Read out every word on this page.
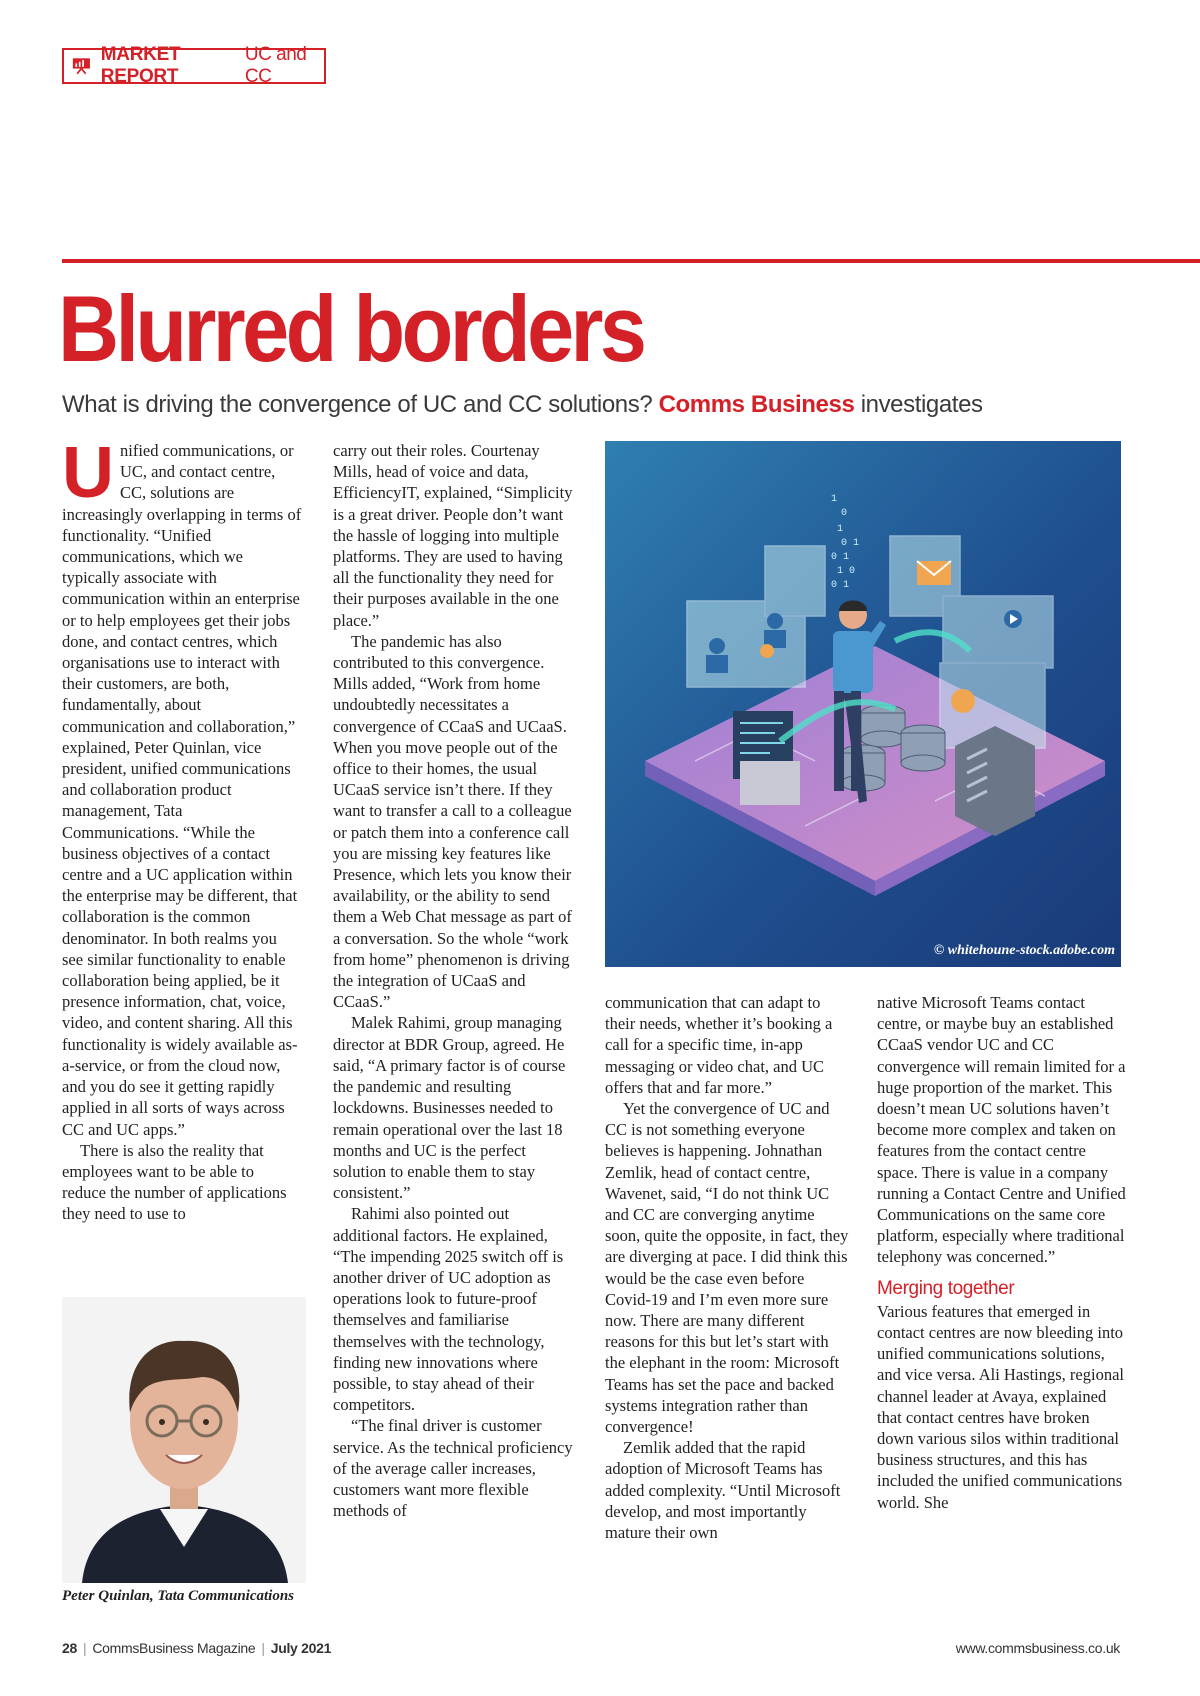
MARKET REPORT
UC and CC
Blurred borders

What is driving the convergence of UC and CC solutions? Comms Business investigates

U nified communications, or UC, and contact centre, CC, solutions are increasingly overlapping in terms of functionality. “Unified communications, which we typically associate with communication within an enterprise or to help employees get their jobs done, and contact centres, which organisations use to interact with their customers, are both, fundamentally, about communication and collaboration,” explained, Peter Quinlan, vice president, unified communications and collaboration product management, Tata Communications. “While the business objectives of a contact centre and a UC application within the enterprise may be different, that collaboration is the common denominator. In both realms you see similar functionality to enable collaboration being applied, be it presence information, chat, voice, video, and content sharing. All this functionality is widely available as-a-service, or from the cloud now, and you do see it getting rapidly applied in all sorts of ways across CC and UC apps.”

There is also the reality that employees want to be able to reduce the number of applications they need to use to

Peter Quinlan, Tata Communications

carry out their roles. Courtenay Mills, head of voice and data, EfficiencyIT, explained, “Simplicity is a great driver. People don’t want the hassle of logging into multiple platforms. They are used to having all the functionality they need for their purposes available in the one place.”

The pandemic has also contributed to this convergence. Mills added, “Work from home undoubtedly necessitates a convergence of CCaaS and UCaaS. When you move people out of the office to their homes, the usual UCaaS service isn’t there. If they want to transfer a call to a colleague or patch them into a conference call you are missing key features like Presence, which lets you know their availability, or the ability to send them a Web Chat message as part of a conversation. So the whole “work from home” phenomenon is driving the integration of UCaaS and CCaaS.”

Malek Rahimi, group managing director at BDR Group, agreed. He said, “A primary factor is of course the pandemic and resulting lockdowns. Businesses needed to remain operational over the last 18 months and UC is the perfect solution to enable them to stay consistent.”

Rahimi also pointed out additional factors. He explained, “The impending 2025 switch off is another driver of UC adoption as operations look to future-proof themselves and familiarise themselves with the technology, finding new innovations where possible, to stay ahead of their competitors.

“The final driver is customer service. As the technical proficiency of the average caller increases, customers want more flexible methods of

1
0
1
0 1
0 1
1 0
0 1
© whitehoune-stock.adobe.com

communication that can adapt to their needs, whether it’s booking a call for a specific time, in-app messaging or video chat, and UC offers that and far more.”

Yet the convergence of UC and CC is not something everyone believes is happening. Johnathan Zemlik, head of contact centre, Wavenet, said, “I do not think UC and CC are converging anytime soon, quite the opposite, in fact, they are diverging at pace. I did think this would be the case even before Covid-19 and I’m even more sure now. There are many different reasons for this but let’s start with the elephant in the room: Microsoft Teams has set the pace and backed systems integration rather than convergence!

Zemlik added that the rapid adoption of Microsoft Teams has added complexity. “Until Microsoft develop, and most importantly mature their own

native Microsoft Teams contact centre, or maybe buy an established CCaaS vendor UC and CC convergence will remain limited for a huge proportion of the market. This doesn’t mean UC solutions haven’t become more complex and taken on features from the contact centre space. There is value in a company running a Contact Centre and Unified Communications on the same core platform, especially where traditional telephony was concerned.”

Merging together

Various features that emerged in contact centres are now bleeding into unified communications solutions, and vice versa. Ali Hastings, regional channel leader at Avaya, explained that contact centres have broken down various silos within traditional business structures, and this has included the unified communications world. She

28 | CommsBusiness Magazine | July 2021	www.commsbusiness.co.uk
